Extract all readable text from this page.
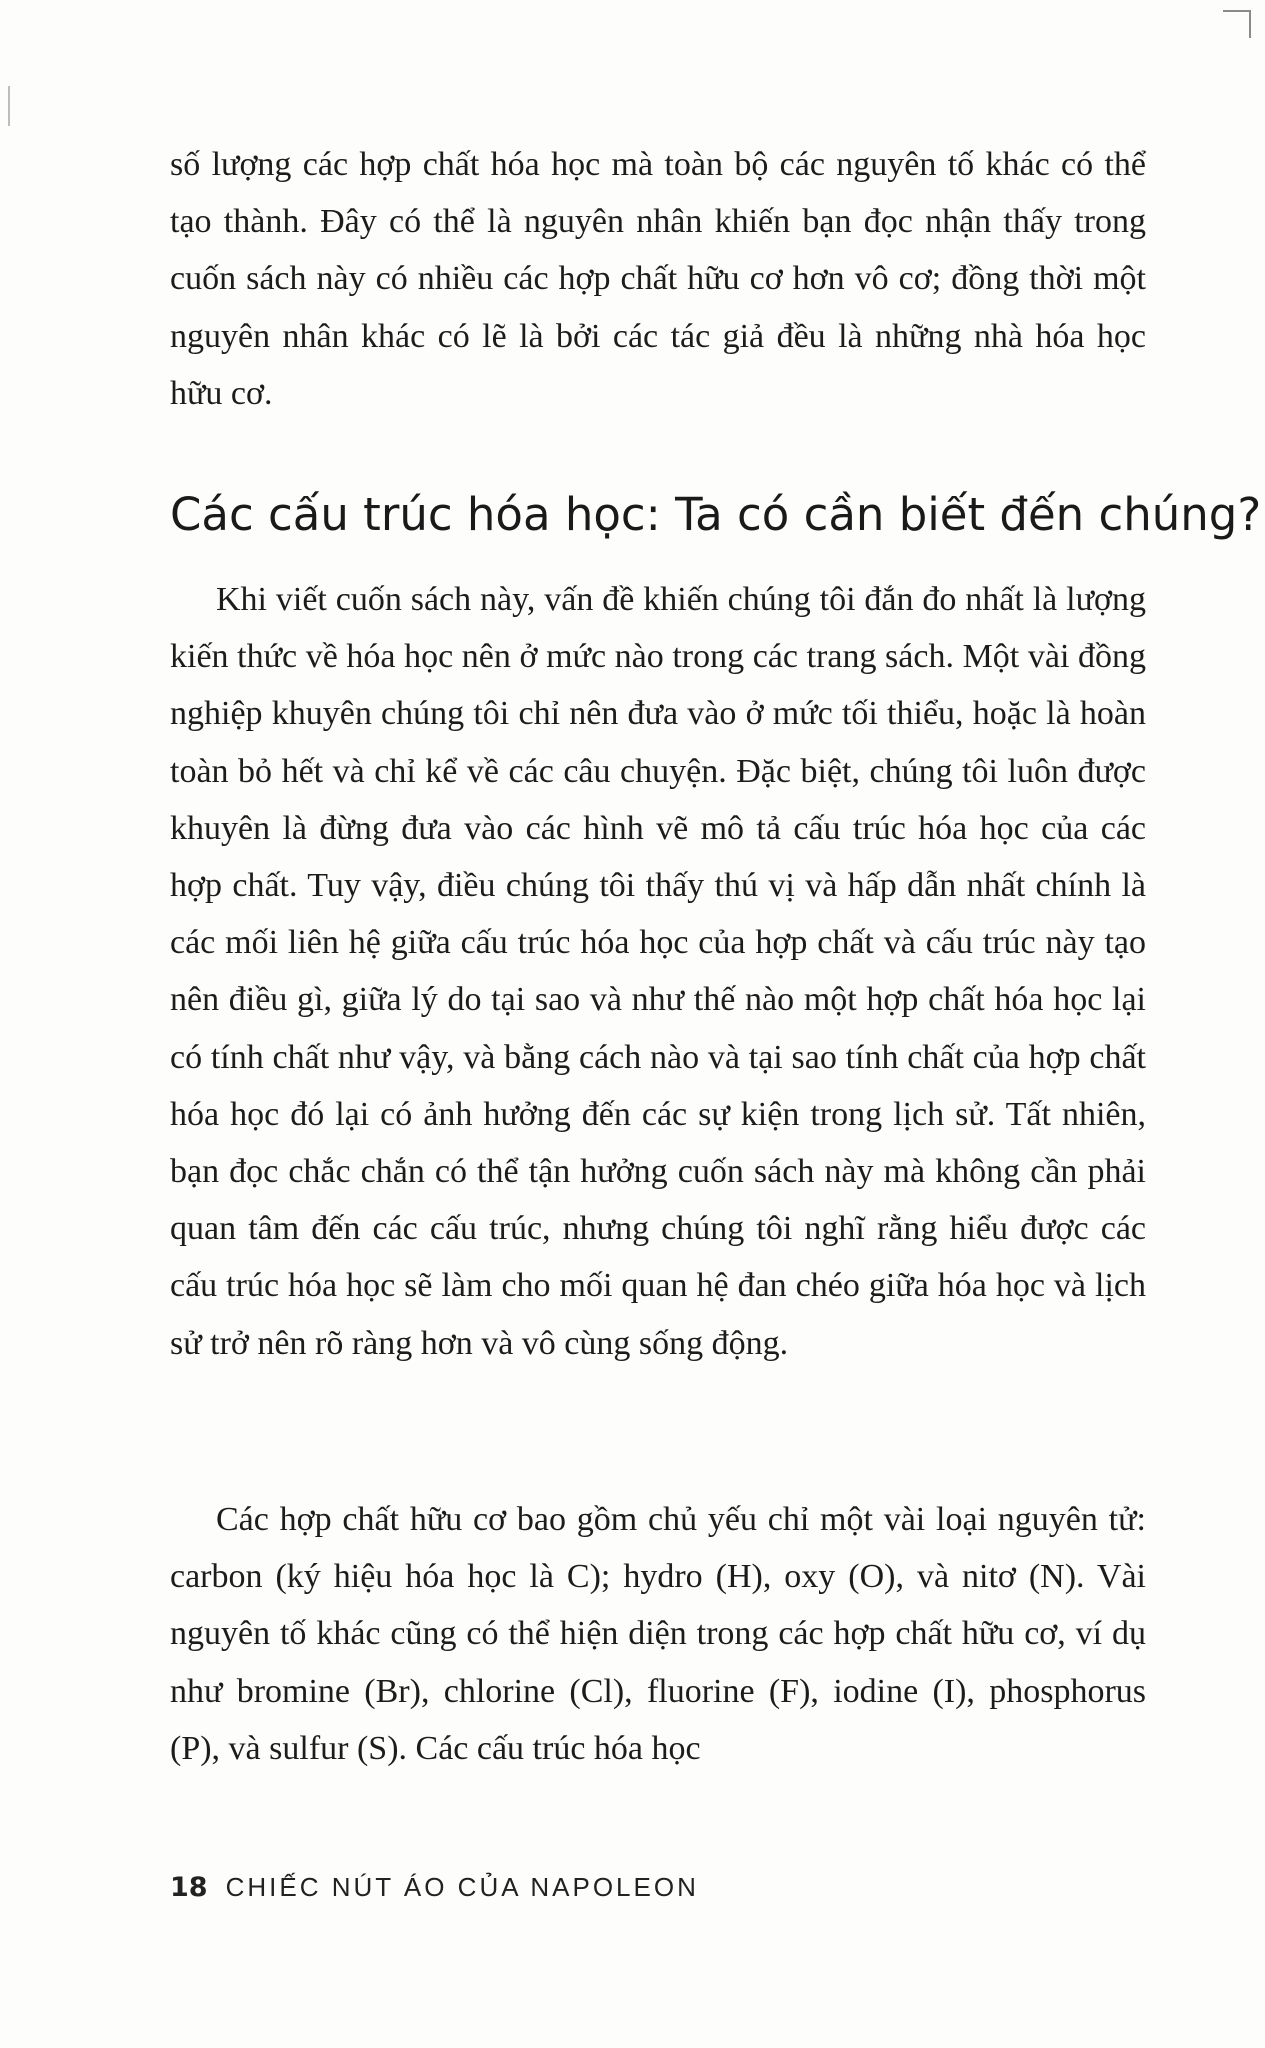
số lượng các hợp chất hóa học mà toàn bộ các nguyên tố khác có thể tạo thành. Đây có thể là nguyên nhân khiến bạn đọc nhận thấy trong cuốn sách này có nhiều các hợp chất hữu cơ hơn vô cơ; đồng thời một nguyên nhân khác có lẽ là bởi các tác giả đều là những nhà hóa học hữu cơ.

Các cấu trúc hóa học: Ta có cần biết đến chúng?

Khi viết cuốn sách này, vấn đề khiến chúng tôi đắn đo nhất là lượng kiến thức về hóa học nên ở mức nào trong các trang sách. Một vài đồng nghiệp khuyên chúng tôi chỉ nên đưa vào ở mức tối thiểu, hoặc là hoàn toàn bỏ hết và chỉ kể về các câu chuyện. Đặc biệt, chúng tôi luôn được khuyên là đừng đưa vào các hình vẽ mô tả cấu trúc hóa học của các hợp chất. Tuy vậy, điều chúng tôi thấy thú vị và hấp dẫn nhất chính là các mối liên hệ giữa cấu trúc hóa học của hợp chất và cấu trúc này tạo nên điều gì, giữa lý do tại sao và như thế nào một hợp chất hóa học lại có tính chất như vậy, và bằng cách nào và tại sao tính chất của hợp chất hóa học đó lại có ảnh hưởng đến các sự kiện trong lịch sử. Tất nhiên, bạn đọc chắc chắn có thể tận hưởng cuốn sách này mà không cần phải quan tâm đến các cấu trúc, nhưng chúng tôi nghĩ rằng hiểu được các cấu trúc hóa học sẽ làm cho mối quan hệ đan chéo giữa hóa học và lịch sử trở nên rõ ràng hơn và vô cùng sống động.

Các hợp chất hữu cơ bao gồm chủ yếu chỉ một vài loại nguyên tử: carbon (ký hiệu hóa học là C); hydro (H), oxy (O), và nitơ (N). Vài nguyên tố khác cũng có thể hiện diện trong các hợp chất hữu cơ, ví dụ như bromine (Br), chlorine (Cl), fluorine (F), iodine (I), phosphorus (P), và sulfur (S). Các cấu trúc hóa học

18 CHIẾC NÚT ÁO CỦA NAPOLEON
